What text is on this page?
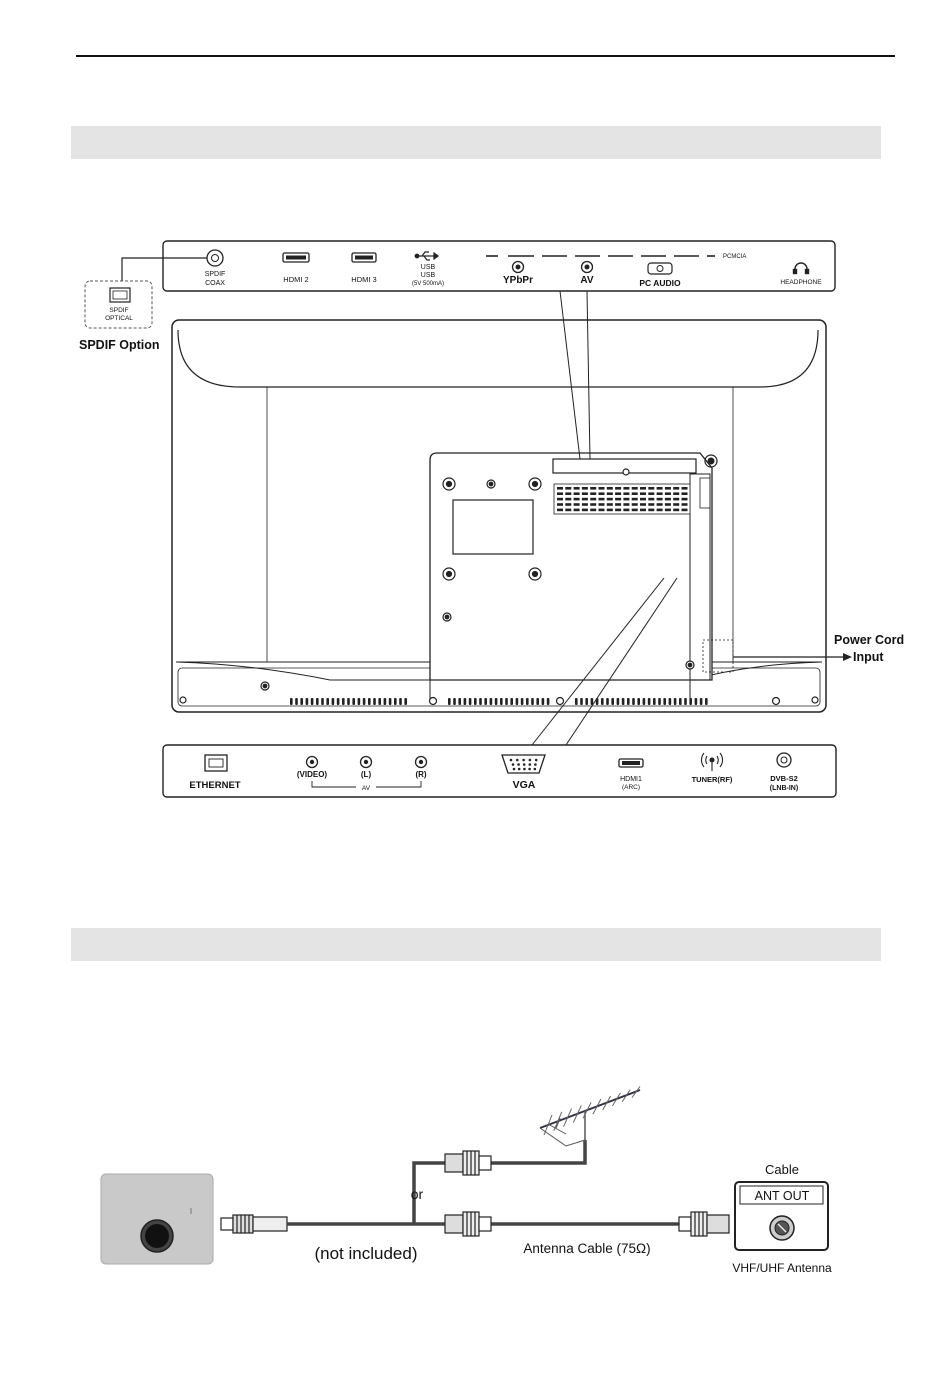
SPDIF
COAX	HDMI 2	HDMI 3
USB
USB
(5V 500mA)
PCMCIA
YPbPr	AV	PC AUDIO	HEADPHONE
SPDIF
OPTICAL
SPDIF Option
Power Cord
Input
ETHERNET
(VIDEO)	(L)	(R)
AV	VGA	HDMI1
(ARC)
TUNER(RF)	DVB-S2
(LNB-IN)
ANT OUT
or
(not included)	Antenna Cable (75Ω)
Cable
VHF/UHF Antenna
